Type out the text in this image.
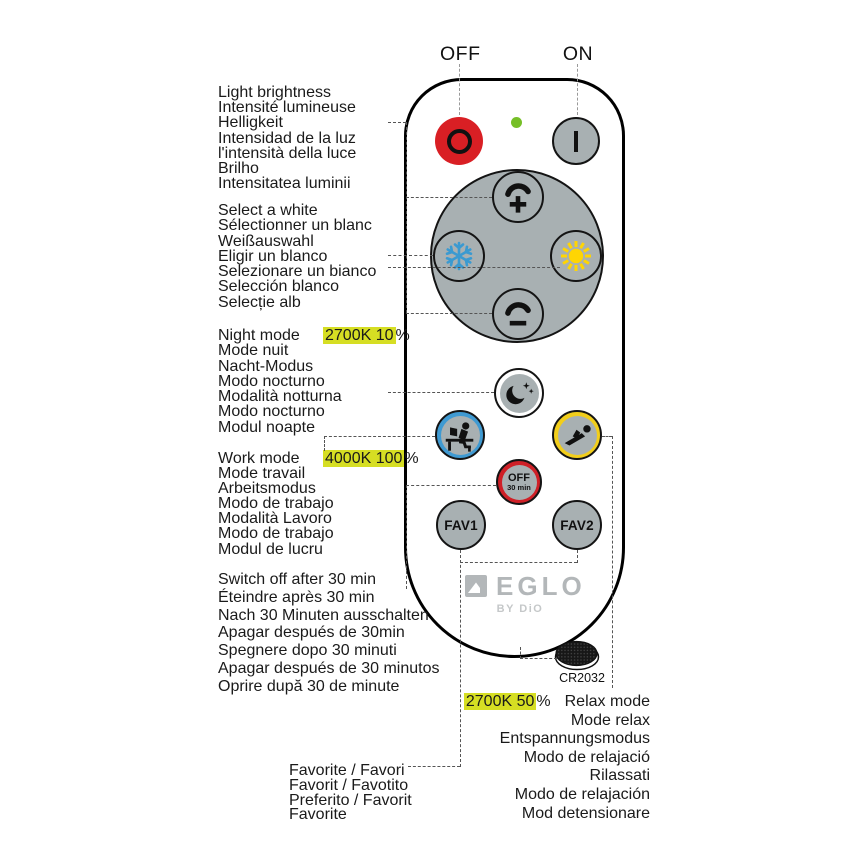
OFF	ON
OFF
30 min
FAV1	FAV2
EGLO
BY DiO
CR2032
Light brightness
Intensité lumineuse
Helligkeit
Intensidad de la luz
l'intensità della luce
Brilho
Intensitatea luminii
Select a white
Sélectionner un blanc
Weißauswahl
Eligir un blanco
Selezionare un bianco
Selección blanco
Selecție alb
Night mode 2700K 10 %
Mode nuit
Nacht-Modus
Modo nocturno
Modalità notturna
Modo nocturno
Modul noapte
Work mode 4000K 100 %
Mode travail
Arbeitsmodus
Modo de trabajo
Modalità Lavoro
Modo de trabajo
Modul de lucru
Switch off after 30 min
Éteindre après 30 min
Nach 30 Minuten ausschalten
Apagar después de 30min
Spegnere dopo 30 minuti
Apagar después de 30 minutos
Oprire după 30 de minute
Favorite / Favori
Favorit / Favotito
Preferito / Favorit
Favorite
2700K 50 % Relax mode
Mode relax
Entspannungsmodus
Modo de relajació
Rilassati
Modo de relajación
Mod detensionare
